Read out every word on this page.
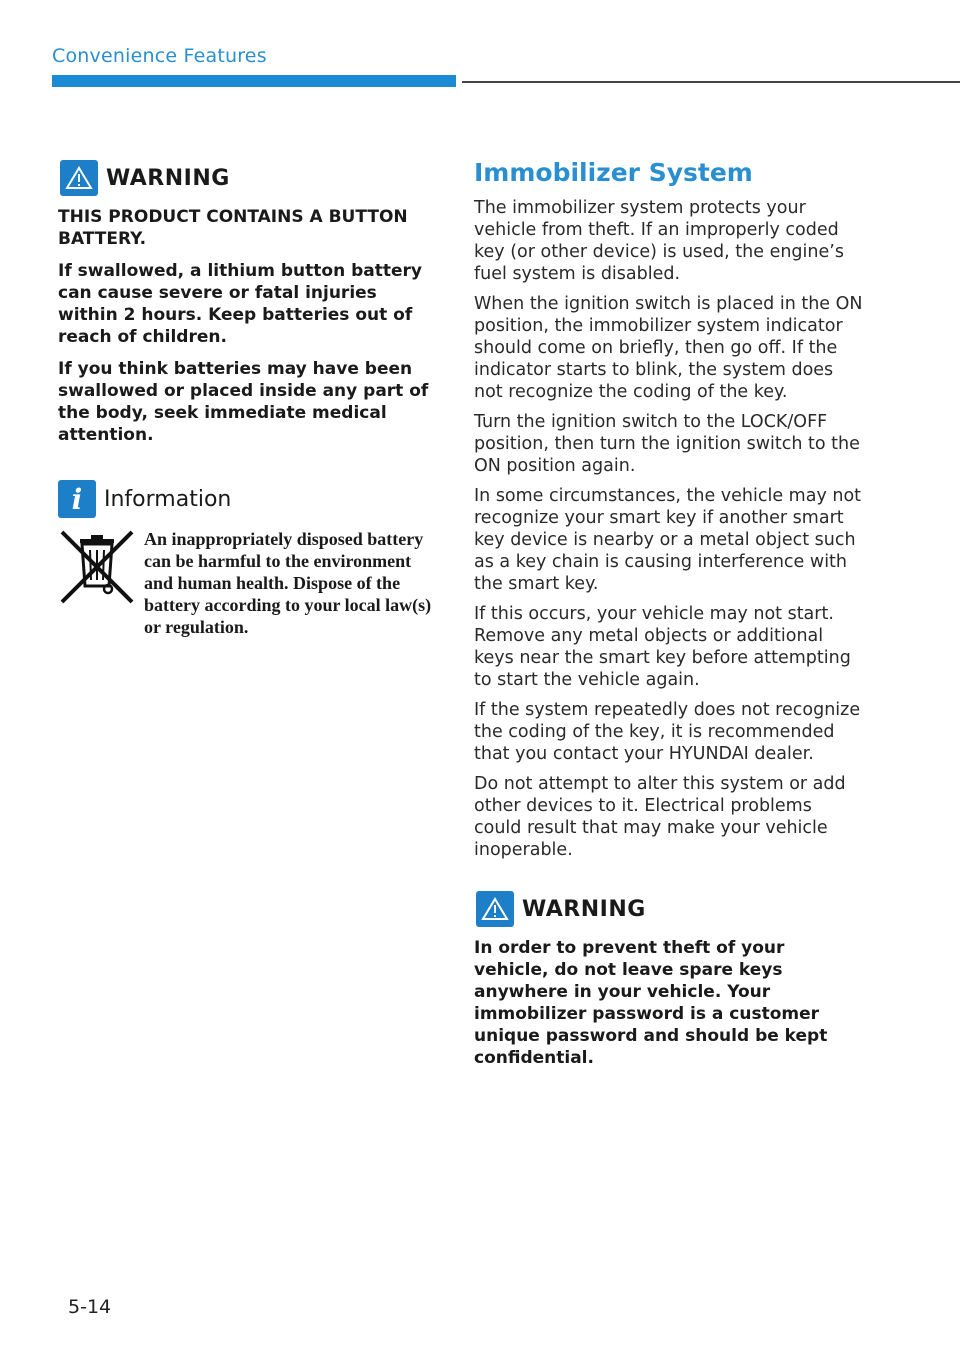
Convenience Features
WARNING

THIS PRODUCT CONTAINS A BUTTON BATTERY.

If swallowed, a lithium button battery can cause severe or fatal injuries within 2 hours. Keep batteries out of reach of children.

If you think batteries may have been swallowed or placed inside any part of the body, seek immediate medical attention.

i Information
An inappropriately disposed battery can be harmful to the environment and human health. Dispose of the battery according to your local law(s) or regulation.
Immobilizer System

The immobilizer system protects your vehicle from theft. If an improperly coded key (or other device) is used, the engine’s fuel system is disabled.

When the ignition switch is placed in the ON position, the immobilizer system indicator should come on briefly, then go off. If the indicator starts to blink, the system does not recognize the coding of the key.

Turn the ignition switch to the LOCK/OFF position, then turn the ignition switch to the ON position again.

In some circumstances, the vehicle may not recognize your smart key if another smart key device is nearby or a metal object such as a key chain is causing interference with the smart key.

If this occurs, your vehicle may not start. Remove any metal objects or additional keys near the smart key before attempting to start the vehicle again.

If the system repeatedly does not recognize the coding of the key, it is recommended that you contact your HYUNDAI dealer.

Do not attempt to alter this system or add other devices to it. Electrical problems could result that may make your vehicle inoperable.

WARNING

In order to prevent theft of your vehicle, do not leave spare keys anywhere in your vehicle. Your immobilizer password is a customer unique password and should be kept confidential.

5-14
